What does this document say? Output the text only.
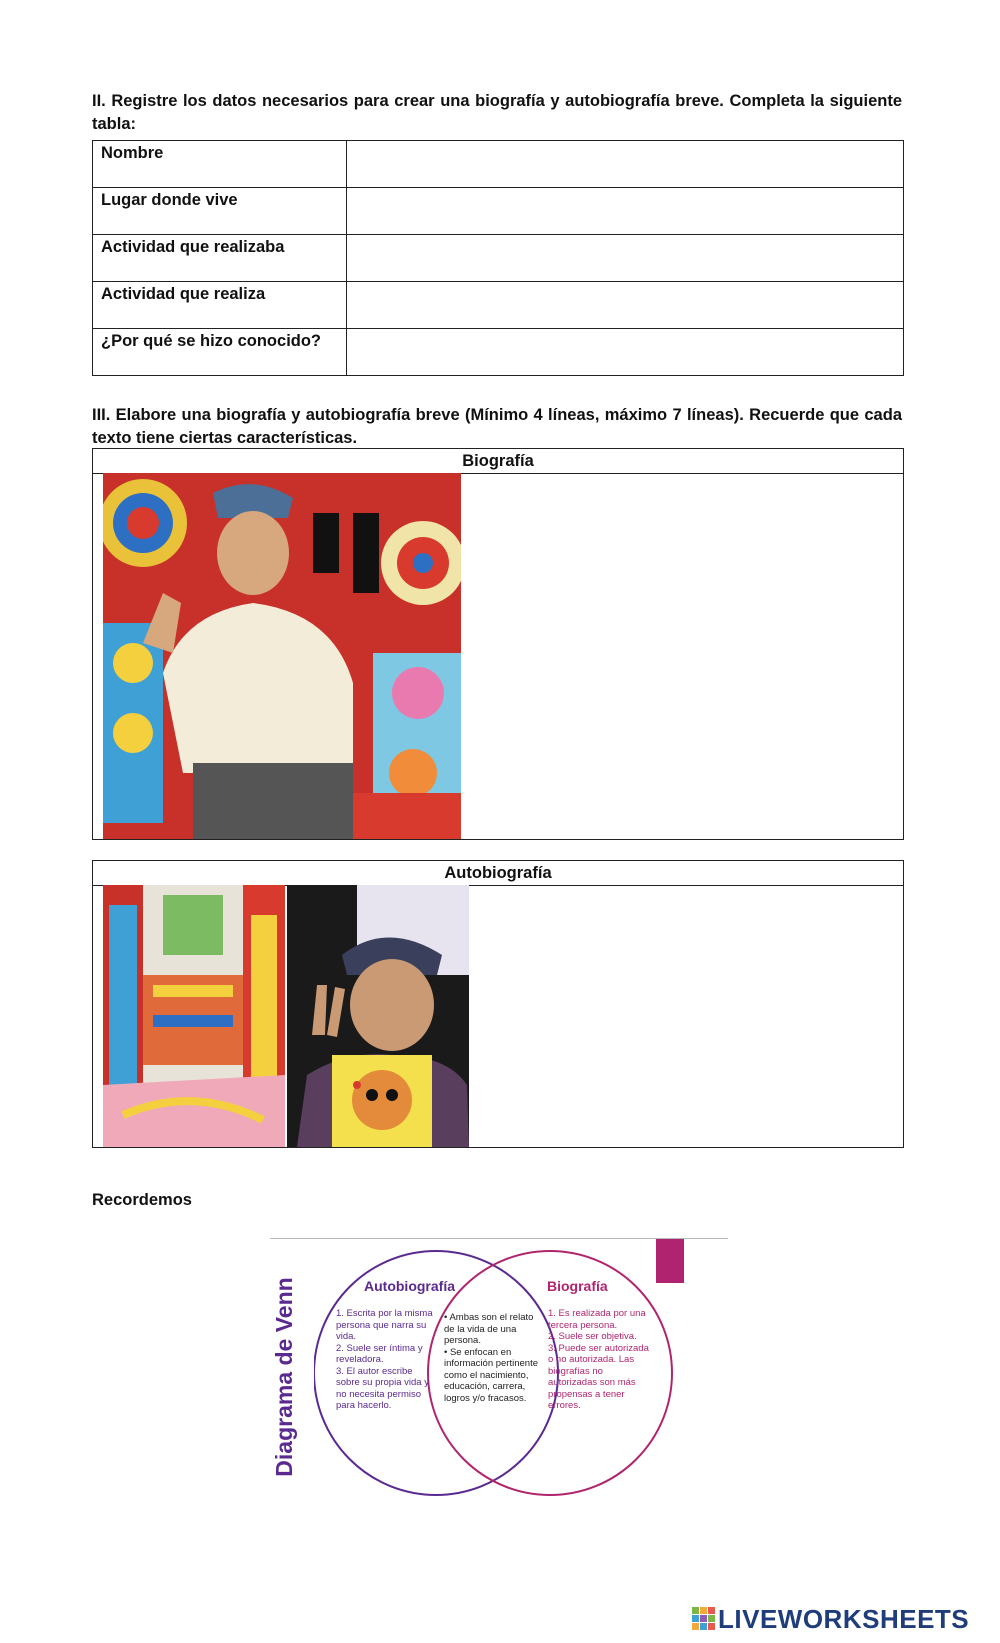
II. Registre los datos necesarios para crear una biografía y autobiografía breve. Completa la siguiente tabla:
Nombre	
Lugar donde vive	
Actividad que realizaba	
Actividad que realiza	
¿Por qué se hizo conocido?	
III. Elabore una biografía y autobiografía breve (Mínimo 4 líneas, máximo 7 líneas). Recuerde que cada texto tiene ciertas características.
Biografía
Autobiografía
Recordemos
Diagrama de Venn	Autobiografía	Biografía
1. Escrita por la misma persona que narra su vida.
2. Suele ser íntima y reveladora.
3. El autor escribe sobre su propia vida y no necesita permiso para hacerlo.
• Ambas son el relato de la vida de una persona.
• Se enfocan en información pertinente como el nacimiento, educación, carrera, logros y/o fracasos.
1. Es realizada por una tercera persona.
2. Suele ser objetiva.
3. Puede ser autorizada o no autorizada. Las biografías no autorizadas son más propensas a tener errores.
LIVEWORKSHEETS
